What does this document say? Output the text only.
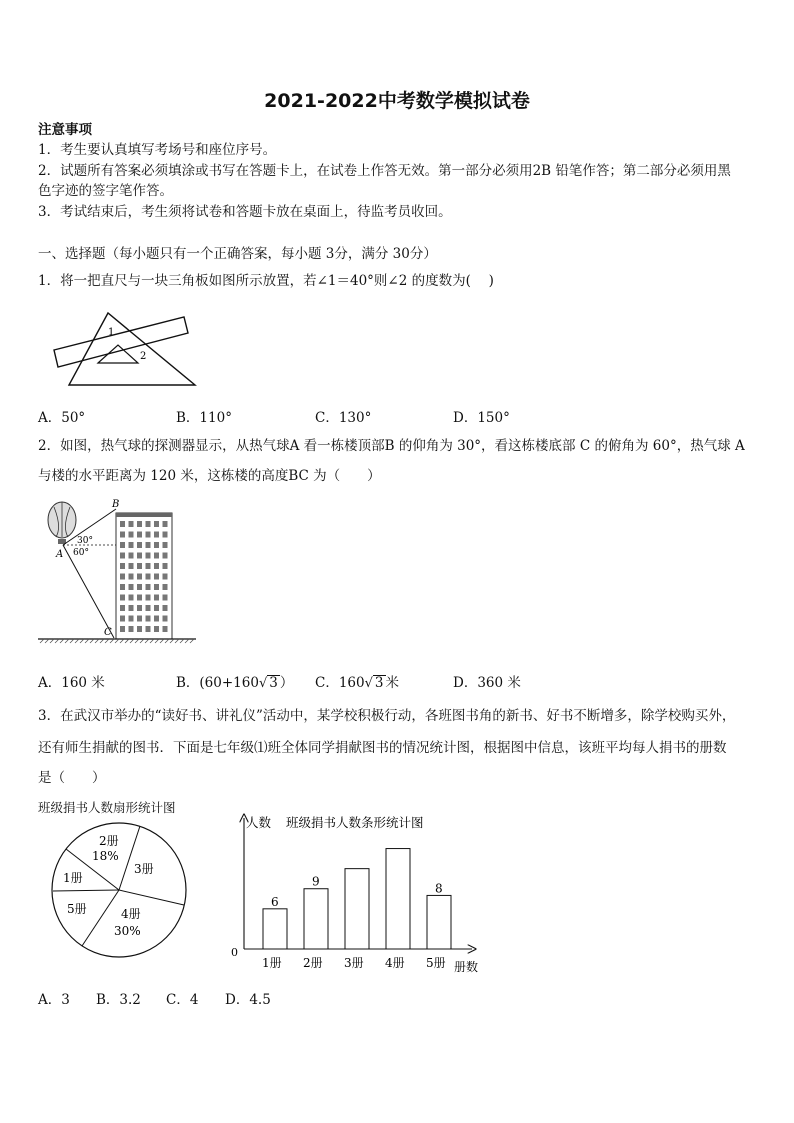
2021-2022中考数学模拟试卷
注意事项
1．考生要认真填写考场号和座位序号。
2．试题所有答案必须填涂或书写在答题卡上，在试卷上作答无效。第一部分必须用2B 铅笔作答；第二部分必须用黑
色字迹的签字笔作答。
3．考试结束后，考生须将试卷和答题卡放在桌面上，待监考员收回。
一、选择题（每小题只有一个正确答案，每小题 3分，满分 30分）
1．将一把直尺与一块三角板如图所示放置，若∠1＝40°则∠2 的度数为(　 )
1
2
A．50°	B．110°	C．130°	D．150°
2．如图，热气球的探测器显示，从热气球A 看一栋楼顶部B 的仰角为 30°，看这栋楼底部 C 的俯角为 60°，热气球 A
与楼的水平距离为 120 米，这栋楼的高度BC 为（　　）
B
A
C
30°
60°
A．160 米	B．(60+160√ 3 ） C．160√ 3 米	D．360 米
3．在武汉市举办的“读好书、讲礼仪”活动中，某学校积极行动，各班图书角的新书、好书不断增多，除学校购买外，
还有师生捐献的图书．下面是七年级⑴班全体同学捐献图书的情况统计图，根据图中信息，该班平均每人捐书的册数
是（　　）
班级捐书人数扇形统计图
2册
18%
3册
4册
30%
5册
1册
人数 班级捐书人数条形统计图
0
册数
1册
6
2册
9
3册 4册 5册
8
A．3 B．3.2 C．4 D．4.5
